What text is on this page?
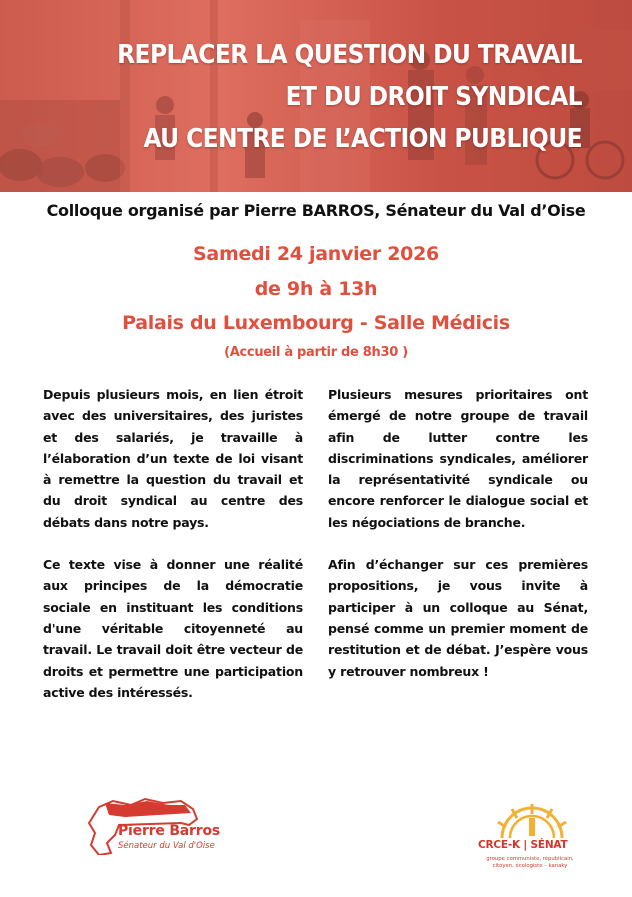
REPLACER LA QUESTION DU TRAVAIL
ET DU DROIT SYNDICAL
AU CENTRE DE L’ACTION PUBLIQUE
Colloque organisé par Pierre BARROS, Sénateur du Val d’Oise
Samedi 24 janvier 2026
de 9h à 13h
Palais du Luxembourg - Salle Médicis
(Accueil à partir de 8h30 )

Depuis plusieurs mois, en lien étroit avec des universitaires, des juristes et des salariés, je travaille à l’élaboration d’un texte de loi visant à remettre la question du travail et du droit syndical au centre des débats dans notre pays.

Ce texte vise à donner une réalité aux principes de la démocratie sociale en instituant les conditions d'une véritable citoyenneté au travail. Le travail doit être vecteur de droits et permettre une participation active des intéressés.

Plusieurs mesures prioritaires ont émergé de notre groupe de travail afin de lutter contre les discriminations syndicales, améliorer la représentativité syndicale ou encore renforcer le dialogue social et les négociations de branche.

Afin d’échanger sur ces premières propositions, je vous invite à participer à un colloque au Sénat, pensé comme un premier moment de restitution et de débat. J’espère vous y retrouver nombreux !

Pierre Barros
Sénateur du Val d'Oise	CRCE-K | SÉNAT
groupe communiste, républicain, citoyen, écologiste – kanaky
